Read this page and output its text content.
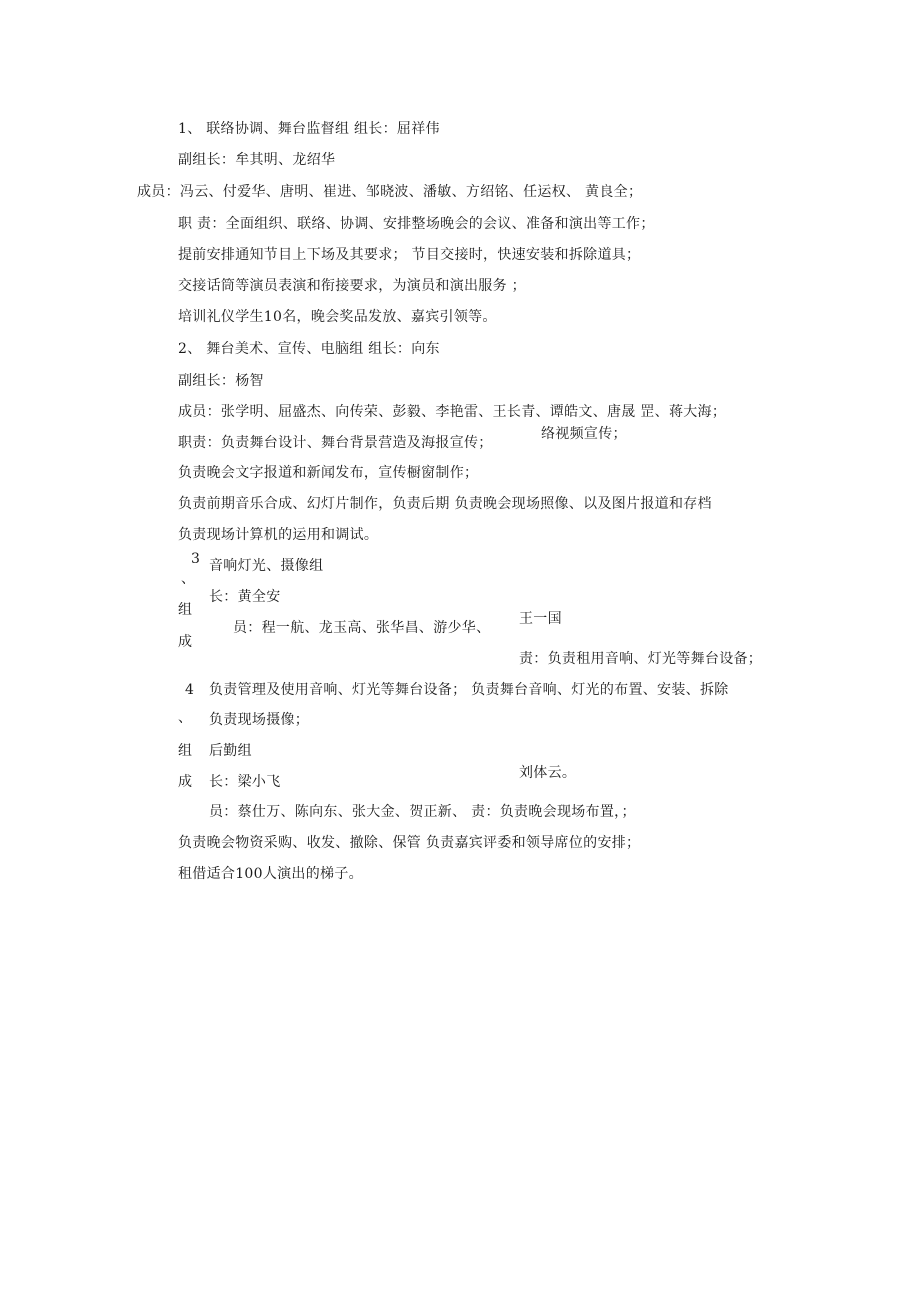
1、 联络协调、舞台监督组 组长：屈祥伟
副组长：牟其明、龙绍华
成员：冯云、付爱华、唐明、崔进、邹晓波、潘敏、方绍铭、任运权、 黄良全；
职 责：全面组织、联络、协调、安排整场晚会的会议、准备和演出等工作；
提前安排通知节目上下场及其要求； 节目交接时，快速安装和拆除道具；
交接话筒等演员表演和衔接要求，为演员和演出服务 ；
培训礼仪学生10名，晚会奖品发放、嘉宾引领等。
2、 舞台美术、宣传、电脑组 组长：向东
副组长：杨智
成员：张学明、屈盛杰、向传荣、彭毅、李艳雷、王长青、谭皓文、唐晟 罡、蒋大海；
职责：负责舞台设计、舞台背景营造及海报宣传；
络视频宣传；
负责晚会文字报道和新闻发布，宣传橱窗制作；
负责前期音乐合成、幻灯片制作，负责后期 负责晚会现场照像、以及图片报道和存档
负责现场计算机的运用和调试。
3
、
音响灯光、摄像组
长：黄全安
组
员：程一航、龙玉高、张华昌、游少华、
王一国
成
责：负责租用音响、灯光等舞台设备；
4 负责管理及使用音响、灯光等舞台设备； 负责舞台音响、灯光的布置、安装、拆除
、 负责现场摄像；
组 后勤组
刘体云。
成 长：梁小飞
员：蔡仕万、陈向东、张大金、贺正新、 责：负责晚会现场布置，；
负责晚会物资采购、收发、撤除、保管 负责嘉宾评委和领导席位的安排；
租借适合100人演出的梯子。
